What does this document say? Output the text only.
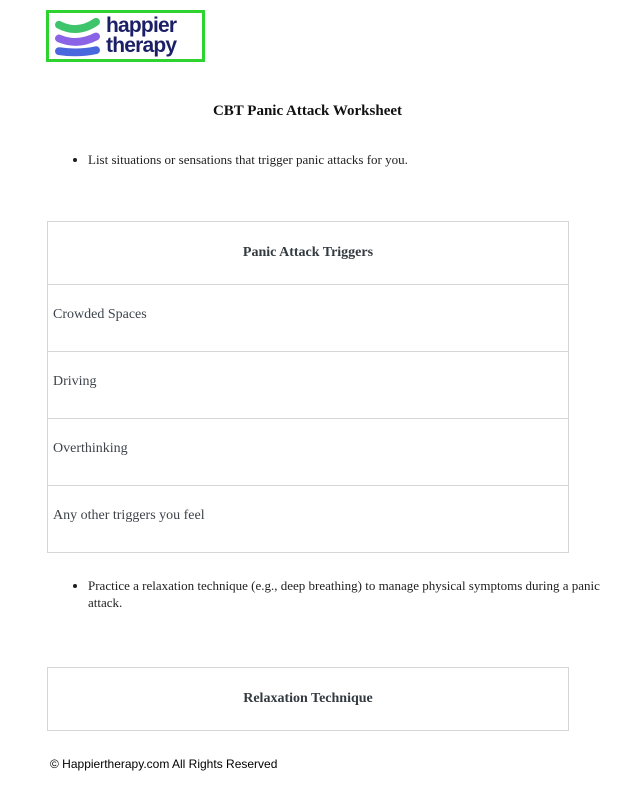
happier
therapy
CBT Panic Attack Worksheet
• List situations or sensations that trigger panic attacks for you.
Panic Attack Triggers
Crowded Spaces
Driving
Overthinking
Any other triggers you feel
• Practice a relaxation technique (e.g., deep breathing) to manage physical symptoms during a panic attack.
Relaxation Technique
© Happiertherapy.com All Rights Reserved
